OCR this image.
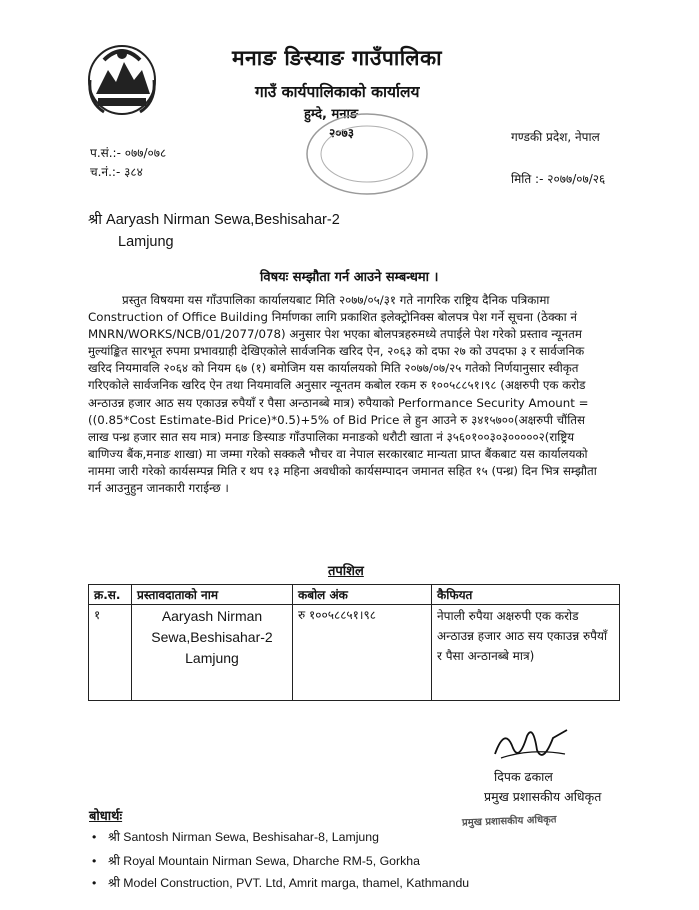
मनाङ ङिस्याङ गाउँपालिका
गाउँ कार्यपालिकाको कार्यालय
हुम्दे, मनाङ
२०७३	गण्डकी प्रदेश, नेपाल
प.सं.:- ०७७/०७८
च.नं.:- ३८४	मिति :- २०७७/०७/२६
श्री Aaryash Nirman Sewa,Beshisahar-2
Lamjung
विषयः सम्झौता गर्न आउने सम्बन्धमा ।

प्रस्तुत विषयमा यस गाँउपालिका कार्यालयबाट मिति २०७७/०५/३१ गते नागरिक राष्ट्रिय दैनिक पत्रिकामा Construction of Office Building निर्माणका लागि प्रकाशित इलेक्ट्रोनिक्स बोलपत्र पेश गर्ने सूचना (ठेक्का नं MNRN/WORKS/NCB/01/2077/078) अनुसार पेश भएका बोलपत्रहरुमध्ये तपाईले पेश गरेको प्रस्ताव न्यूनतम मुल्यांङ्कित सारभूत रुपमा प्रभावग्राही देखिएकोले सार्वजनिक खरिद ऐन, २०६३ को दफा २७ को उपदफा ३ र सार्वजनिक खरिद नियमावलि २०६४ को नियम ६७ (१) बमोजिम यस कार्यालयको मिति २०७७/०७/२५ गतेको निर्णयानुसार स्वीकृत गरिएकोले सार्वजनिक खरिद ऐन तथा नियमावलि अनुसार न्यूनतम कबोल रकम रु १००५८८५१।९८ (अक्षरुपी एक करोड अन्ठाउन्न हजार आठ सय एकाउन्न रुपैयाँ र पैसा अन्ठानब्बे मात्र) रुपैयाको Performance Security Amount =((0.85*Cost Estimate-Bid Price)*0.5)+5% of Bid Price ले हुन आउने रु ३४१५७००(अक्षरुपी चौंतिस लाख पन्ध्र हजार सात सय मात्र) मनाङ ङिस्याङ गाँउपालिका मनाङको धरौटी खाता नं ३५६०१००३०३०००००२(राष्ट्रिय बाणिज्य बैंक,मनाङ शाखा) मा जम्मा गरेको सक्कलै भौचर वा नेपाल सरकारबाट मान्यता प्राप्त बैंकबाट यस कार्यालयको नाममा जारी गरेको कार्यसम्पन्न मिति र थप १३ महिना अवधीको कार्यसम्पादन जमानत सहित १५ (पन्ध्र) दिन भित्र सम्झौता गर्न आउनुहुन जानकारी गराईन्छ ।

तपशिल
क्र.स.	प्रस्तावदाताको नाम	कबोल अंक	कैफियत
१	Aaryash Nirman Sewa,Beshisahar-2 Lamjung	रु १००५८८५१।९८	नेपाली रुपैया अक्षरुपी एक करोड अन्ठाउन्न हजार आठ सय एकाउन्न रुपैयाँ र पैसा अन्ठानब्बे मात्र)
दिपक ढकाल
प्रमुख प्रशासकीय अधिकृत
प्रमुख प्रशासकीय अधिकृत
बोधार्थः
• श्री Santosh Nirman Sewa, Beshisahar-8, Lamjung
• श्री Royal Mountain Nirman Sewa, Dharche RM-5, Gorkha
• श्री Model Construction, PVT. Ltd, Amrit marga, thamel, Kathmandu
